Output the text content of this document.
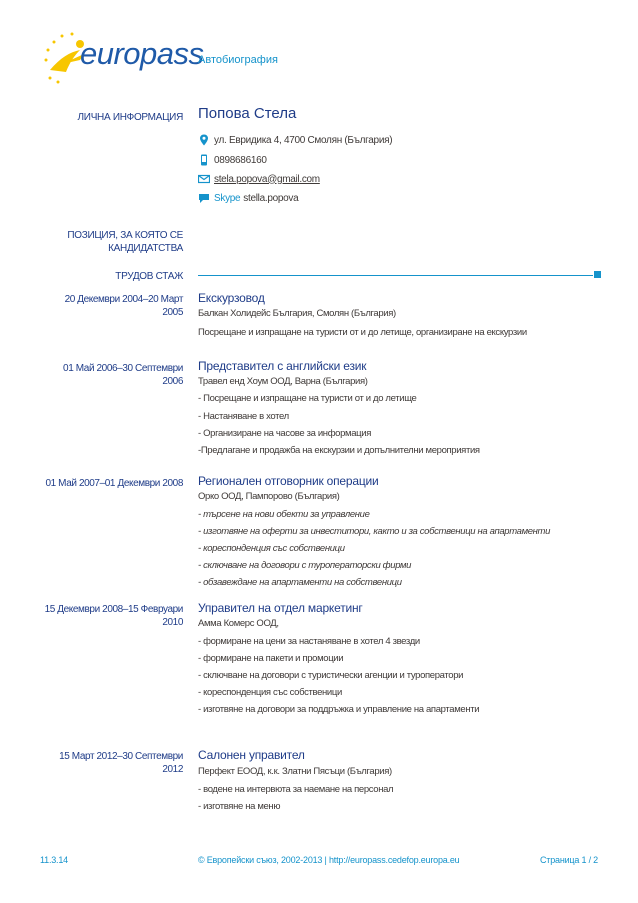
europass
Автобиография
ЛИЧНА ИНФОРМАЦИЯ Попова Стела
ул. Евридика 4, 4700 Смолян (България)
0898686160
stela.popova@gmail.com
Skype stella.popova
ПОЗИЦИЯ, ЗА КОЯТО СЕ
КАНДИДАТСТВА
ТРУДОВ СТАЖ
20 Декември 2004–20 Март
2005
Екскурзовод
Балкан Холидейс България, Смолян (България)
Посрещане и изпращане на туристи от и до летище, организиране на екскурзии
01 Май 2006–30 Септември
2006
Представител с английски език
Травел енд Хоум ООД, Варна (България)
- Посрещане и изпращане на туристи от и до летище
- Настаняване в хотел
- Организиране на часове за информация
-Предлагане и продажба на екскурзии и допълнителни мероприятия
01 Май 2007–01 Декември 2008 Регионален отговорник операции
Орко ООД, Пампорово (България)
- търсене на нови обекти за управление
- изготвяне на оферти за инвеститори, както и за собственици на апартаменти
- кореспонденция със собственици
- сключване на договори с туроператорски фирми
- обзавеждане на апартаменти на собственици
15 Декември 2008–15 Февруари
2010
Управител на отдел маркетинг
Амма Комерс ООД,
- формиране на цени за настаняване в хотел 4 звезди
- формиране на пакети и промоции
- сключване на договори с туристически агенции и туроператори
- кореспонденция със собственици
- изготвяне на договори за поддръжка и управление на апартаменти
15 Март 2012–30 Септември
2012
Салонен управител
Перфект ЕООД, к.к. Златни Пясъци (България)
- водене на интервюта за наемане на персонал
- изготвяне на меню
11.3.14	© Европейски съюз, 2002-2013 | http://europass.cedefop.europa.eu	Страница 1 / 2
